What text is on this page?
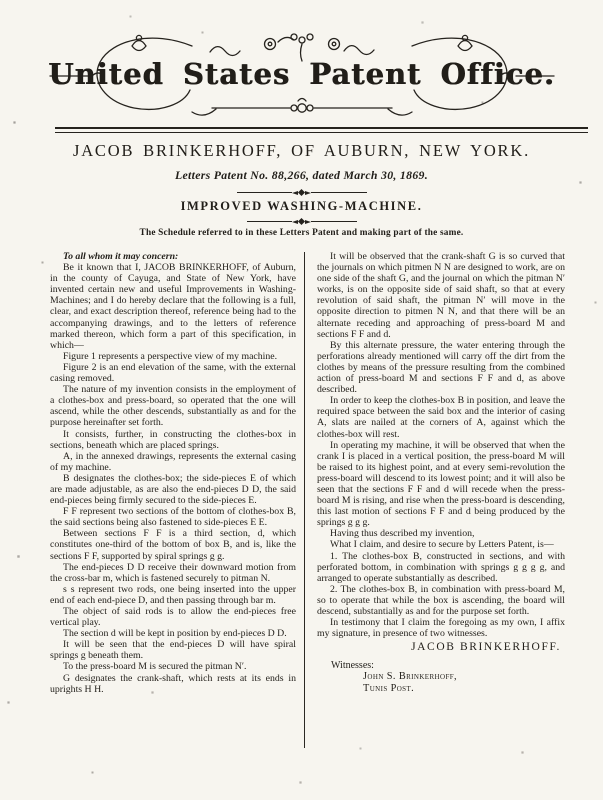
United States Patent Office.
JACOB BRINKERHOFF, OF AUBURN, NEW YORK.
Letters Patent No. 88,266, dated March 30, 1869.
IMPROVED WASHING-MACHINE.
The Schedule referred to in these Letters Patent and making part of the same.

To all whom it may concern:

Be it known that I, JACOB BRINKERHOFF, of Auburn, in the county of Cayuga, and State of New York, have invented certain new and useful Improvements in Washing-Machines; and I do hereby declare that the following is a full, clear, and exact description thereof, reference being had to the accompanying drawings, and to the letters of reference marked thereon, which form a part of this specification, in which—

Figure 1 represents a perspective view of my machine.

Figure 2 is an end elevation of the same, with the external casing removed.

The nature of my invention consists in the employment of a clothes-box and press-board, so operated that the one will ascend, while the other descends, substantially as and for the purpose hereinafter set forth.

It consists, further, in constructing the clothes-box in sections, beneath which are placed springs.

A, in the annexed drawings, represents the external casing of my machine.

B designates the clothes-box; the side-pieces E of which are made adjustable, as are also the end-pieces D D, the said end-pieces being firmly secured to the side-pieces E.

F F represent two sections of the bottom of clothes-box B, the said sections being also fastened to side-pieces E E.

Between sections F F is a third section, d, which constitutes one-third of the bottom of box B, and is, like the sections F F, supported by spiral springs g g.

The end-pieces D D receive their downward motion from the cross-bar m, which is fastened securely to pitman N.

s s represent two rods, one being inserted into the upper end of each end-piece D, and then passing through bar m.

The object of said rods is to allow the end-pieces free vertical play.

The section d will be kept in position by end-pieces D D.

It will be seen that the end-pieces D will have spiral springs g beneath them.

To the press-board M is secured the pitman N′.

G designates the crank-shaft, which rests at its ends in uprights H H.

It will be observed that the crank-shaft G is so curved that the journals on which pitmen N N are designed to work, are on one side of the shaft G, and the journal on which the pitman N′ works, is on the opposite side of said shaft, so that at every revolution of said shaft, the pitman N′ will move in the opposite direction to pitmen N N, and that there will be an alternate receding and approaching of press-board M and sections F F and d.

By this alternate pressure, the water entering through the perforations already mentioned will carry off the dirt from the clothes by means of the pressure resulting from the combined action of press-board M and sections F F and d, as above described.

In order to keep the clothes-box B in position, and leave the required space between the said box and the interior of casing A, slats are nailed at the corners of A, against which the clothes-box will rest.

In operating my machine, it will be observed that when the crank I is placed in a vertical position, the press-board M will be raised to its highest point, and at every semi-revolution the press-board will descend to its lowest point; and it will also be seen that the sections F F and d will recede when the press-board M is rising, and rise when the press-board is descending, this last motion of sections F F and d being produced by the springs g g g.

Having thus described my invention,

What I claim, and desire to secure by Letters Patent, is—

1. The clothes-box B, constructed in sections, and with perforated bottom, in combination with springs g g g g, and arranged to operate substantially as described.

2. The clothes-box B, in combination with press-board M, so to operate that while the box is ascending, the board will descend, substantially as and for the purpose set forth.

In testimony that I claim the foregoing as my own, I affix my signature, in presence of two witnesses.

JACOB BRINKERHOFF.
Witnesses:
John S. Brinkerhoff,
Tunis Post.
